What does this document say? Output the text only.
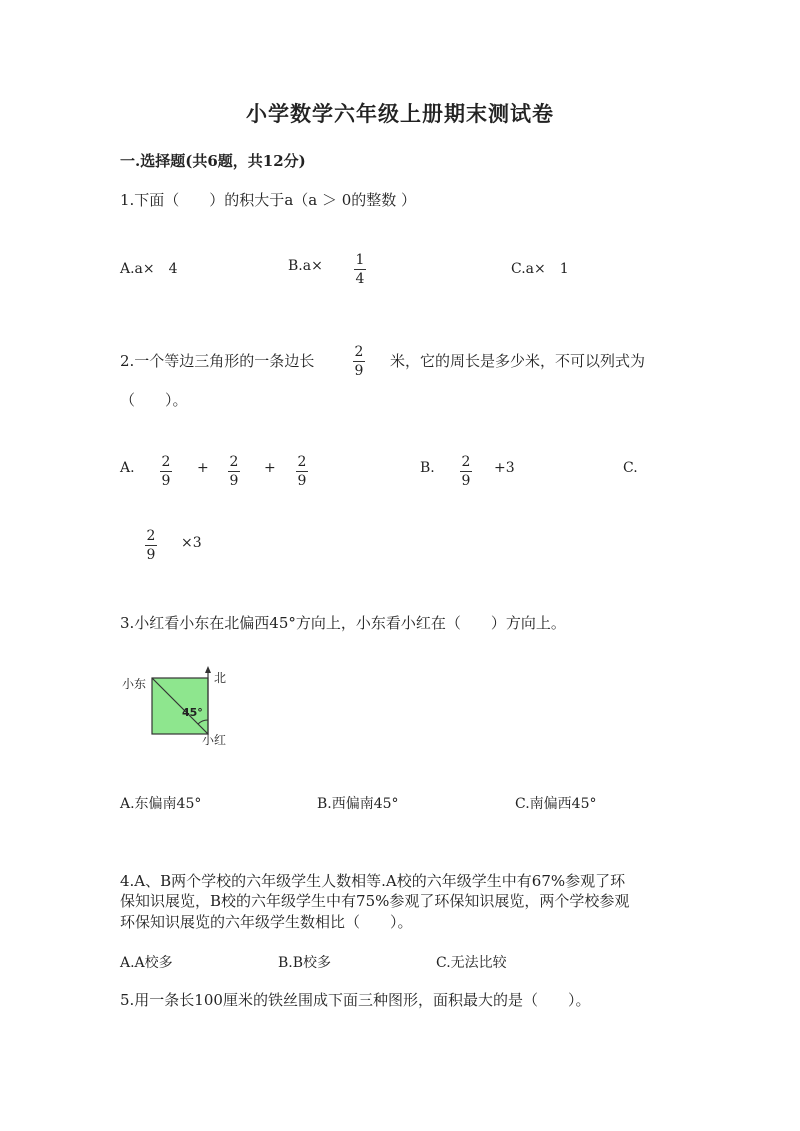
小学数学六年级上册期末测试卷
一.选择题(共6题，共12分)
1.下面（　　）的积大于a（a ＞ 0的整数 ）
A.a×　4	B.a× 1
4
C.a×　1
2.一个等边三角形的一条边长	2
9
米，它的周长是多少米，不可以列式为
（　　）。
A. 2
9
+ 2
9
+ 2
9
B. 2
9
+3	C.
2
9
×3
3.小红看小东在北偏西45°方向上，小东看小红在（　　）方向上。
小东	北
45°
小红
A.东偏南45°	B.西偏南45°	C.南偏西45°
4.A、B两个学校的六年级学生人数相等.A校的六年级学生中有67%参观了环
保知识展览，B校的六年级学生中有75%参观了环保知识展览，两个学校参观
环保知识展览的六年级学生数相比（　　）。
A.A校多	B.B校多	C.无法比较
5.用一条长100厘米的铁丝围成下面三种图形，面积最大的是（　　）。
